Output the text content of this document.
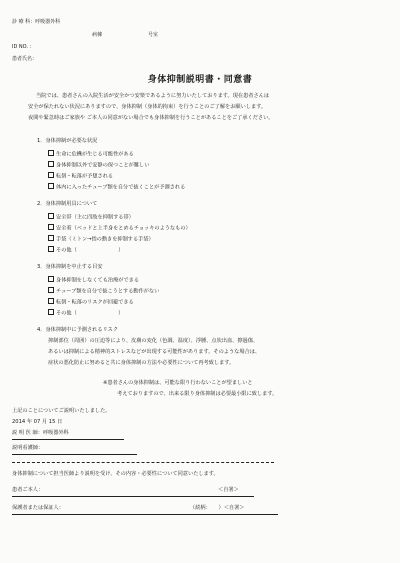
診 療 科：呼吸器外科
病棟	号室
ID NO. ：
患者氏名：
身体抑制説明書・同意書
当院では、患者さんの入院生活が安全かつ安楽であるように努力いたしております。現在患者さんは
安全が保たれない状況にありますので、身体抑制（身体的拘束）を行うことのご了解をお願いします。
夜間や緊急時はご家族や ご本人の同意がない場合でも身体抑制を行うことがあることをご了承ください。
1．身体抑制が必要な状況
生命に危機が生じる可能性がある
身体抑制以外で安静の保つことが難しい
転倒・転落が予想される
体内に入ったチューブ類を自分で抜くことが予測される
2．身体抑制用具について
安全帯（主に四肢を抑制する帯）
安全着（ベッドと上半身をとめるチョッキのようなもの）
手袋（ミトン→指の動きを抑制する手袋）
その他（　　　　　　　　）
3．身体抑制を中止する目安
身体抑制をしなくても治療ができる
チューブ類を自分で抜こうとする動作がない
転倒・転落のリスクが回避できる
その他（　　　　　　　　）
4．身体抑制中に予測されるリスク
抑制部位（周囲）の圧迫等により、皮膚の変化（色調、温度）、浮腫、点状出血、擦過傷、
あるいは抑制による精神的ストレスなどが出現する可能性があります。そのような場合は、
症状の悪化防止に努めると共に身体抑制の方法や必要性について再考致します。
※患者さんの身体抑制は、可能な限り行わないことが望ましいと
考えておりますので、出来る限り身体抑制は必要最小限に致します。
上記のことについてご説明いたしました。
2014 年 07 月 15 日
説 明 医 師：呼吸器外科
説明看護師：
身体抑制について担当医師より説明を受け、その内容・必要性について同意いたします。
患者ご本人：	＜自署＞
保護者または保証人：	（続柄：　　）＜自署＞
